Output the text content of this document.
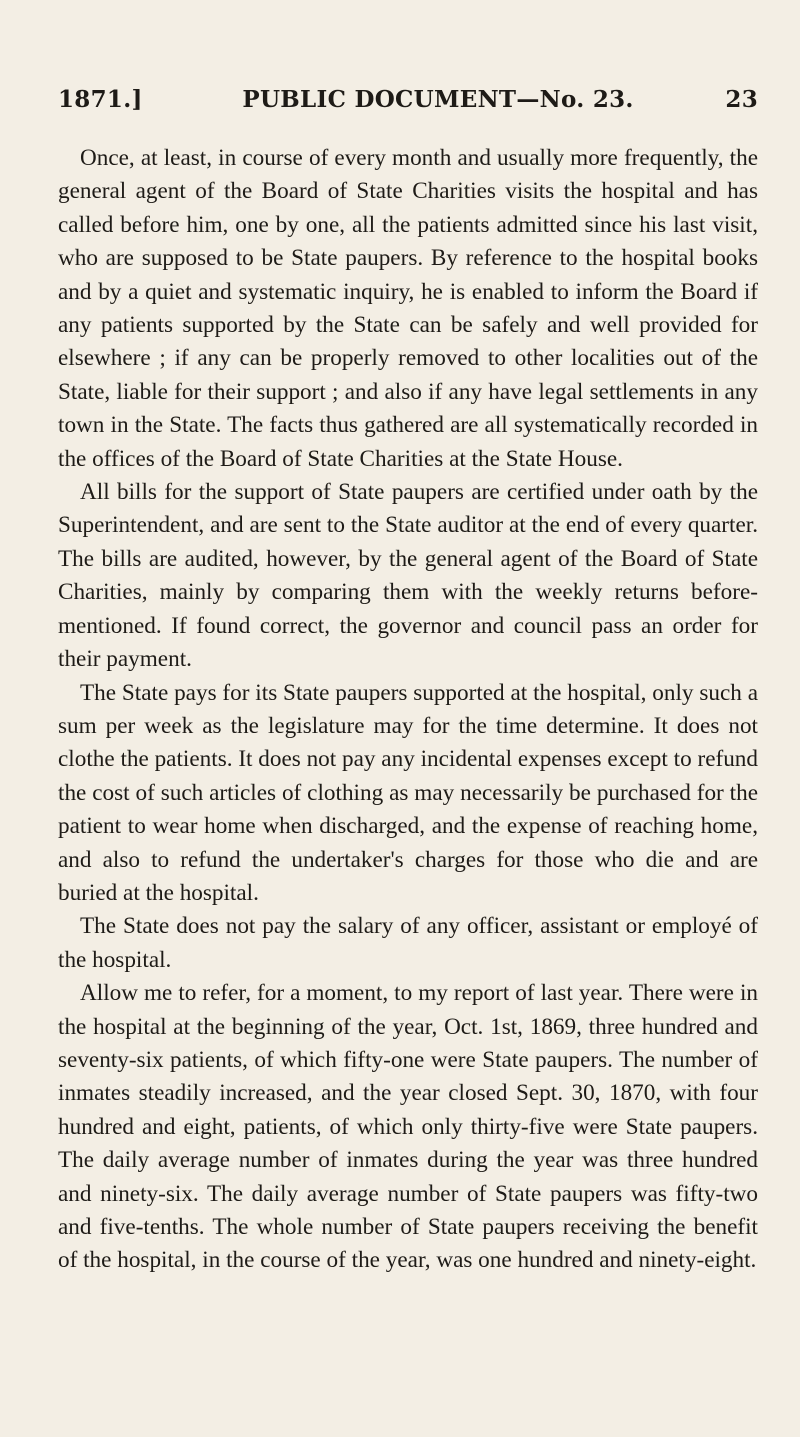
1871.]	PUBLIC DOCUMENT—No. 23.	23

Once, at least, in course of every month and usually more frequently, the general agent of the Board of State Charities visits the hospital and has called before him, one by one, all the patients admitted since his last visit, who are supposed to be State paupers. By reference to the hospital books and by a quiet and systematic inquiry, he is enabled to inform the Board if any patients supported by the State can be safely and well provided for elsewhere ; if any can be properly removed to other localities out of the State, liable for their support ; and also if any have legal settlements in any town in the State. The facts thus gathered are all systematically recorded in the offices of the Board of State Charities at the State House.

All bills for the support of State paupers are certified under oath by the Superintendent, and are sent to the State auditor at the end of every quarter. The bills are audited, however, by the general agent of the Board of State Charities, mainly by comparing them with the weekly returns before-mentioned. If found correct, the governor and council pass an order for their payment.

The State pays for its State paupers supported at the hospital, only such a sum per week as the legislature may for the time determine. It does not clothe the patients. It does not pay any incidental expenses except to refund the cost of such articles of clothing as may necessarily be purchased for the patient to wear home when discharged, and the expense of reaching home, and also to refund the undertaker's charges for those who die and are buried at the hospital.

The State does not pay the salary of any officer, assistant or employé of the hospital.

Allow me to refer, for a moment, to my report of last year. There were in the hospital at the beginning of the year, Oct. 1st, 1869, three hundred and seventy-six patients, of which fifty-one were State paupers. The number of inmates steadily increased, and the year closed Sept. 30, 1870, with four hundred and eight, patients, of which only thirty-five were State paupers. The daily average number of inmates during the year was three hundred and ninety-six. The daily average number of State paupers was fifty-two and five-tenths. The whole number of State paupers receiving the benefit of the hospital, in the course of the year, was one hundred and ninety-eight.
